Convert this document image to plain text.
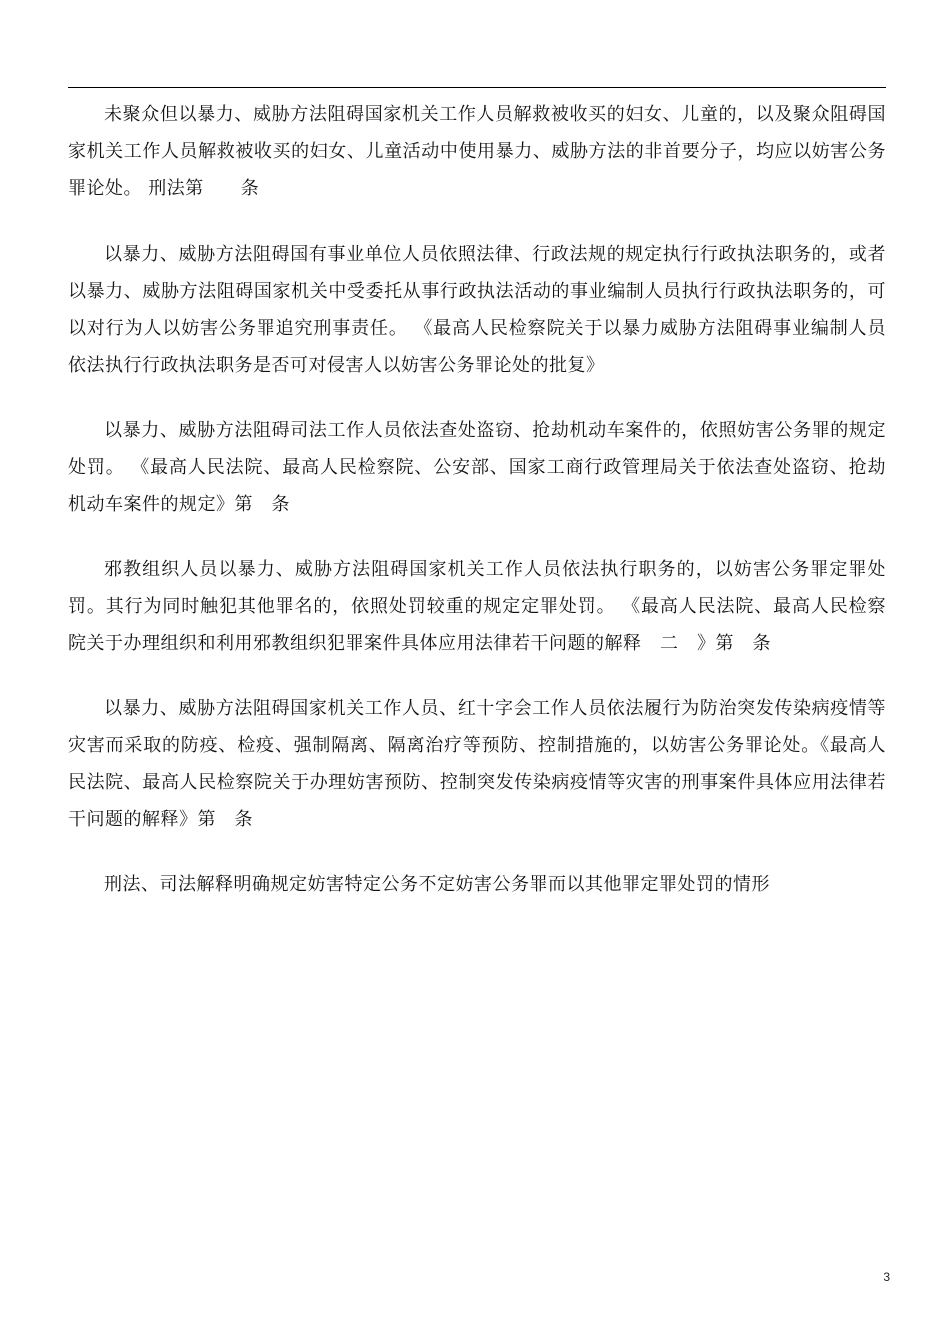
未聚众但以暴力、威胁方法阻碍国家机关工作人员解救被收买的妇女、儿童的，以及聚众阻碍国家机关工作人员解救被收买的妇女、儿童活动中使用暴力、威胁方法的非首要分子，均应以妨害公务罪论处。 刑法第　　条

以暴力、威胁方法阻碍国有事业单位人员依照法律、行政法规的规定执行行政执法职务的，或者以暴力、威胁方法阻碍国家机关中受委托从事行政执法活动的事业编制人员执行行政执法职务的，可以对行为人以妨害公务罪追究刑事责任。 《最高人民检察院关于以暴力威胁方法阻碍事业编制人员依法执行行政执法职务是否可对侵害人以妨害公务罪论处的批复》

以暴力、威胁方法阻碍司法工作人员依法查处盗窃、抢劫机动车案件的，依照妨害公务罪的规定处罚。 《最高人民法院、最高人民检察院、公安部、国家工商行政管理局关于依法查处盗窃、抢劫机动车案件的规定》第　条

邪教组织人员以暴力、威胁方法阻碍国家机关工作人员依法执行职务的，以妨害公务罪定罪处罚。其行为同时触犯其他罪名的，依照处罚较重的规定定罪处罚。 《最高人民法院、最高人民检察院关于办理组织和利用邪教组织犯罪案件具体应用法律若干问题的解释　二　》第　条

以暴力、威胁方法阻碍国家机关工作人员、红十字会工作人员依法履行为防治突发传染病疫情等灾害而采取的防疫、检疫、强制隔离、隔离治疗等预防、控制措施的，以妨害公务罪论处。《最高人民法院、最高人民检察院关于办理妨害预防、控制突发传染病疫情等灾害的刑事案件具体应用法律若干问题的解释》第　条

刑法、司法解释明确规定妨害特定公务不定妨害公务罪而以其他罪定罪处罚的情形

3
